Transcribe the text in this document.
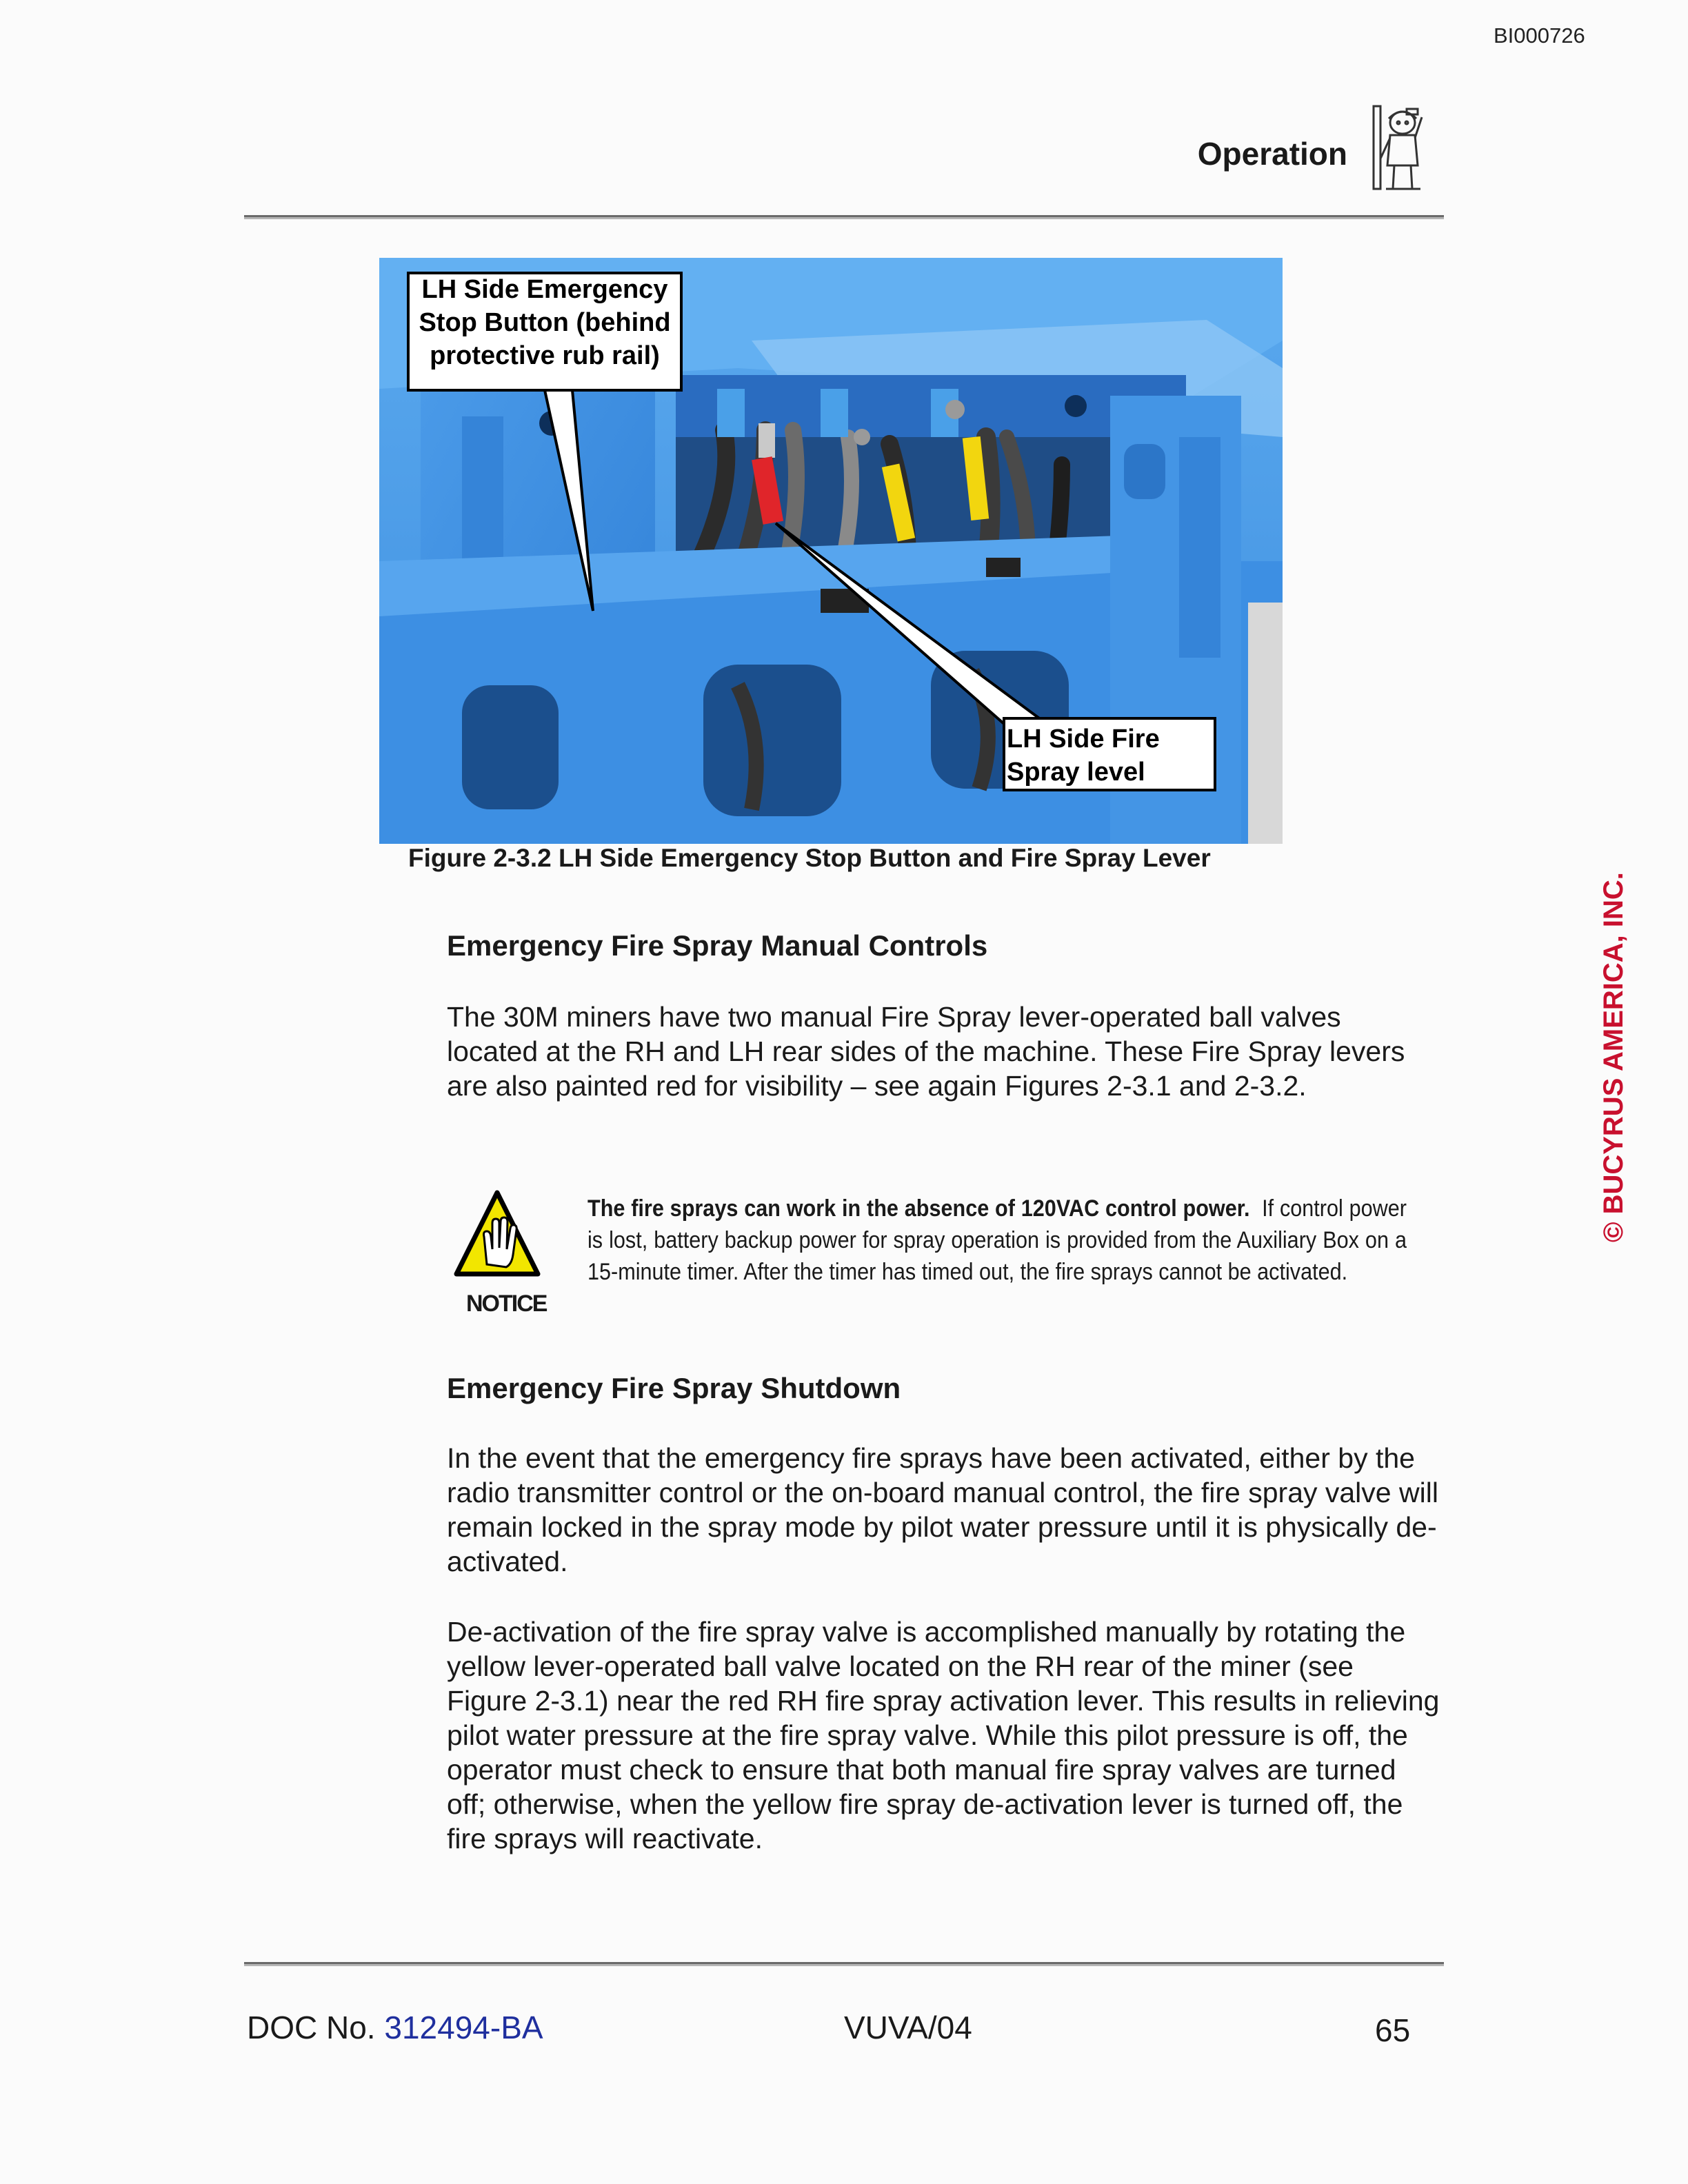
BI000726
Operation
LH Side Emergency
Stop Button (behind
protective rub rail)
LH Side Fire
Spray level
Figure 2-3.2 LH Side Emergency Stop Button and Fire Spray Lever
Emergency Fire Spray Manual Controls
The 30M miners have two manual Fire Spray lever-operated ball valves located at the RH and LH rear sides of the machine. These Fire Spray levers are also painted red for visibility – see again Figures 2-3.1 and 2-3.2.
NOTICE
The fire sprays can work in the absence of 120VAC control power. If control power is lost, battery backup power for spray operation is provided from the Auxiliary Box on a 15-minute timer. After the timer has timed out, the fire sprays cannot be activated.
Emergency Fire Spray Shutdown
In the event that the emergency fire sprays have been activated, either by the radio transmitter control or the on-board manual control, the fire spray valve will remain locked in the spray mode by pilot water pressure until it is physically de-activated.
De-activation of the fire spray valve is accomplished manually by rotating the yellow lever-operated ball valve located on the RH rear of the miner (see Figure 2-3.1) near the red RH fire spray activation lever. This results in relieving pilot water pressure at the fire spray valve. While this pilot pressure is off, the operator must check to ensure that both manual fire spray valves are turned off; otherwise, when the yellow fire spray de-activation lever is turned off, the fire sprays will reactivate.
DOC No. 312494-BA	VUVA/04	65
© BUCYRUS AMERICA, INC.
